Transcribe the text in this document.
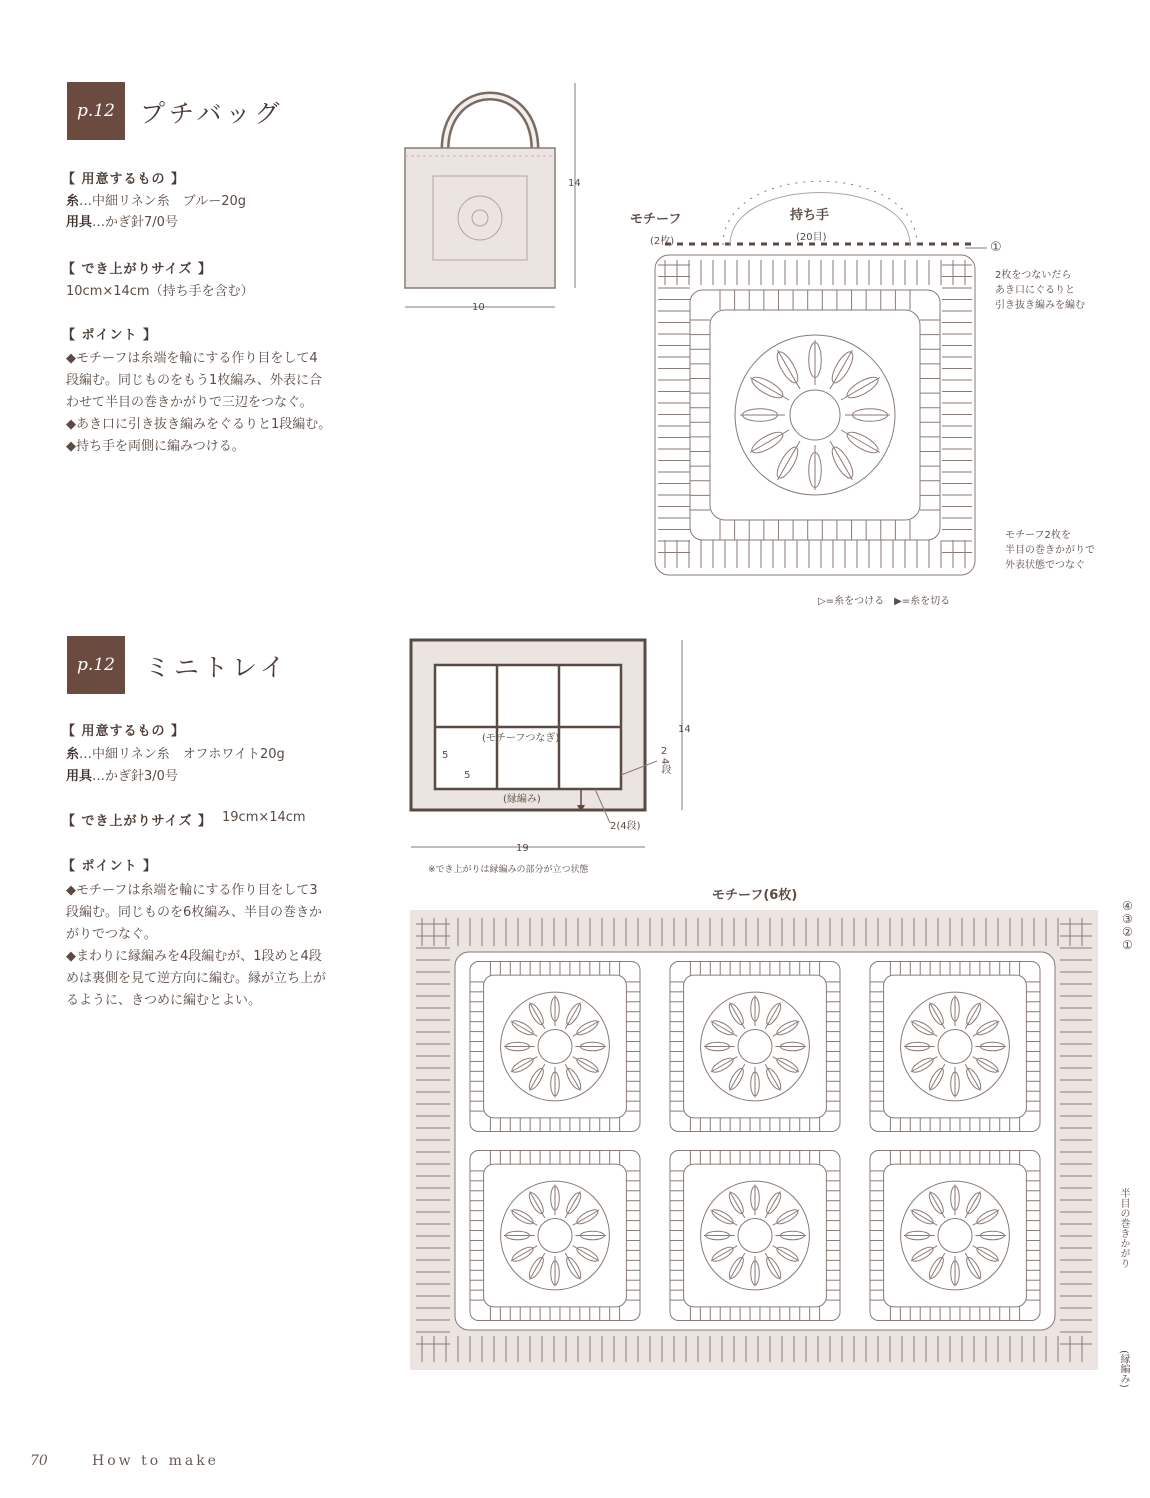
p.12 プチバッグ
【 用意するもの 】
糸…中細リネン糸　ブルー20g
用具…かぎ針7/0号
【 でき上がりサイズ 】
10cm×14cm（持ち手を含む）
【 ポイント 】
◆モチーフは糸端を輪にする作り目をして4
段編む。同じものをもう1枚編み、外表に合
わせて半目の巻きかがりで三辺をつなぐ。
◆あき口に引き抜き編みをぐるりと1段編む。
◆持ち手を両側に編みつける。
14
10
モチーフ
(2枚)
持ち手
(20目)
①
2枚をつないだら
あき口にぐるりと
引き抜き編みを編む
モチーフ2枚を
半目の巻きかがりで
外表状態でつなぐ
▷=糸をつける　▶=糸を切る
p.12 ミニトレイ
【 用意するもの 】
糸…中細リネン糸　オフホワイト20g
用具…かぎ針3/0号
【 でき上がりサイズ 】 19cm×14cm
【 ポイント 】
◆モチーフは糸端を輪にする作り目をして3
段編む。同じものを6枚編み、半目の巻きか
がりでつなぐ。
◆まわりに縁編みを4段編むが、1段めと4段
めは裏側を見て逆方向に編む。縁が立ち上が
るように、きつめに編むとよい。
(モチーフつなぎ)
(縁編み)
5
5
14
19
2
4段
2(4段)
※でき上がりは縁編みの部分が立つ状態
モチーフ(6枚)
④
③
②
①
半目の巻きかがり
(縁編み)
70	How to make
